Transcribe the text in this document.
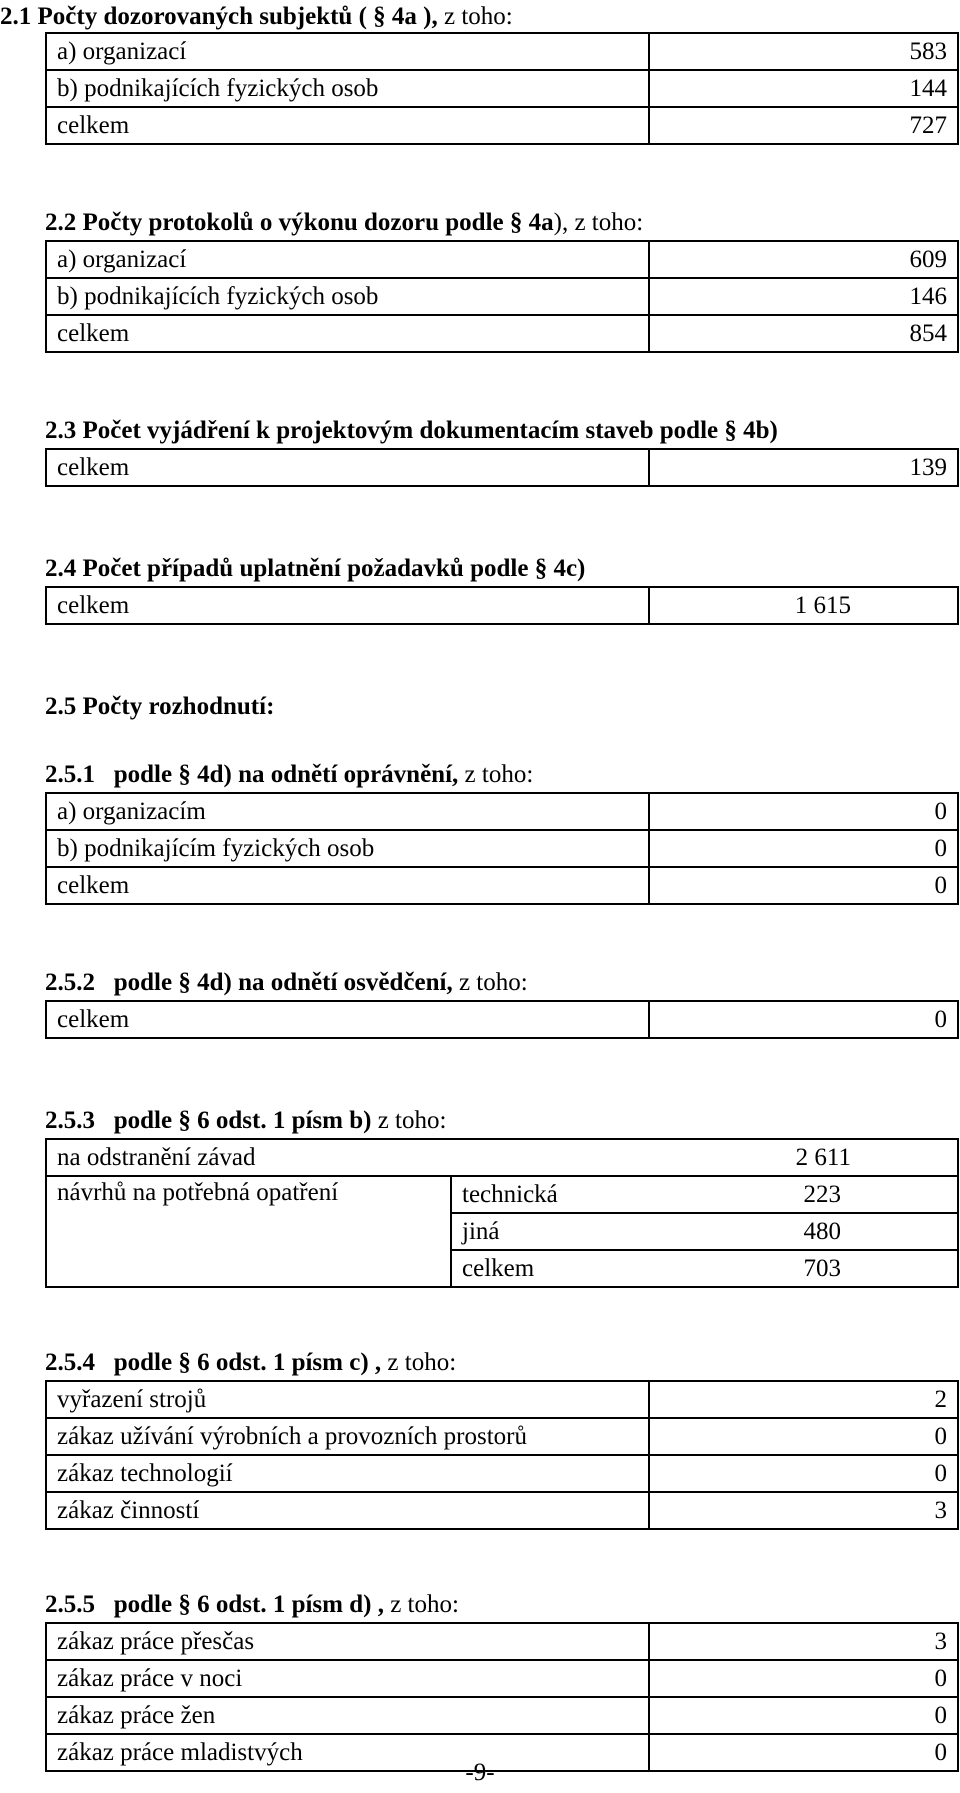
2.1 Počty dozorovaných subjektů ( § 4a ), z toho:
a) organizací	583
b) podnikajících fyzických osob	144
celkem	727
2.2 Počty protokolů o výkonu dozoru podle § 4a), z toho:
a) organizací	609
b) podnikajících fyzických osob	146
celkem	854
2.3 Počet vyjádření k projektovým dokumentacím staveb podle § 4b)
celkem	139
2.4 Počet případů uplatnění požadavků podle § 4c)
celkem	1 615
2.5 Počty rozhodnutí:
2.5.1 podle § 4d) na odnětí oprávnění, z toho:
a) organizacím	0
b) podnikajícím fyzických osob	0
celkem	0
2.5.2 podle § 4d) na odnětí osvědčení, z toho:
celkem	0
2.5.3 podle § 6 odst. 1 písm b) z toho:
na odstranění závad		2 611
návrhů na potřebná opatření	technická	223
	jiná	480
	celkem	703
2.5.4 podle § 6 odst. 1 písm c) , z toho:
vyřazení strojů	2
zákaz užívání výrobních a provozních prostorů	0
zákaz technologií	0
zákaz činností	3
2.5.5 podle § 6 odst. 1 písm d) , z toho:
zákaz práce přesčas	3
zákaz práce v noci	0
zákaz práce žen	0
zákaz práce mladistvých	0
-9-
